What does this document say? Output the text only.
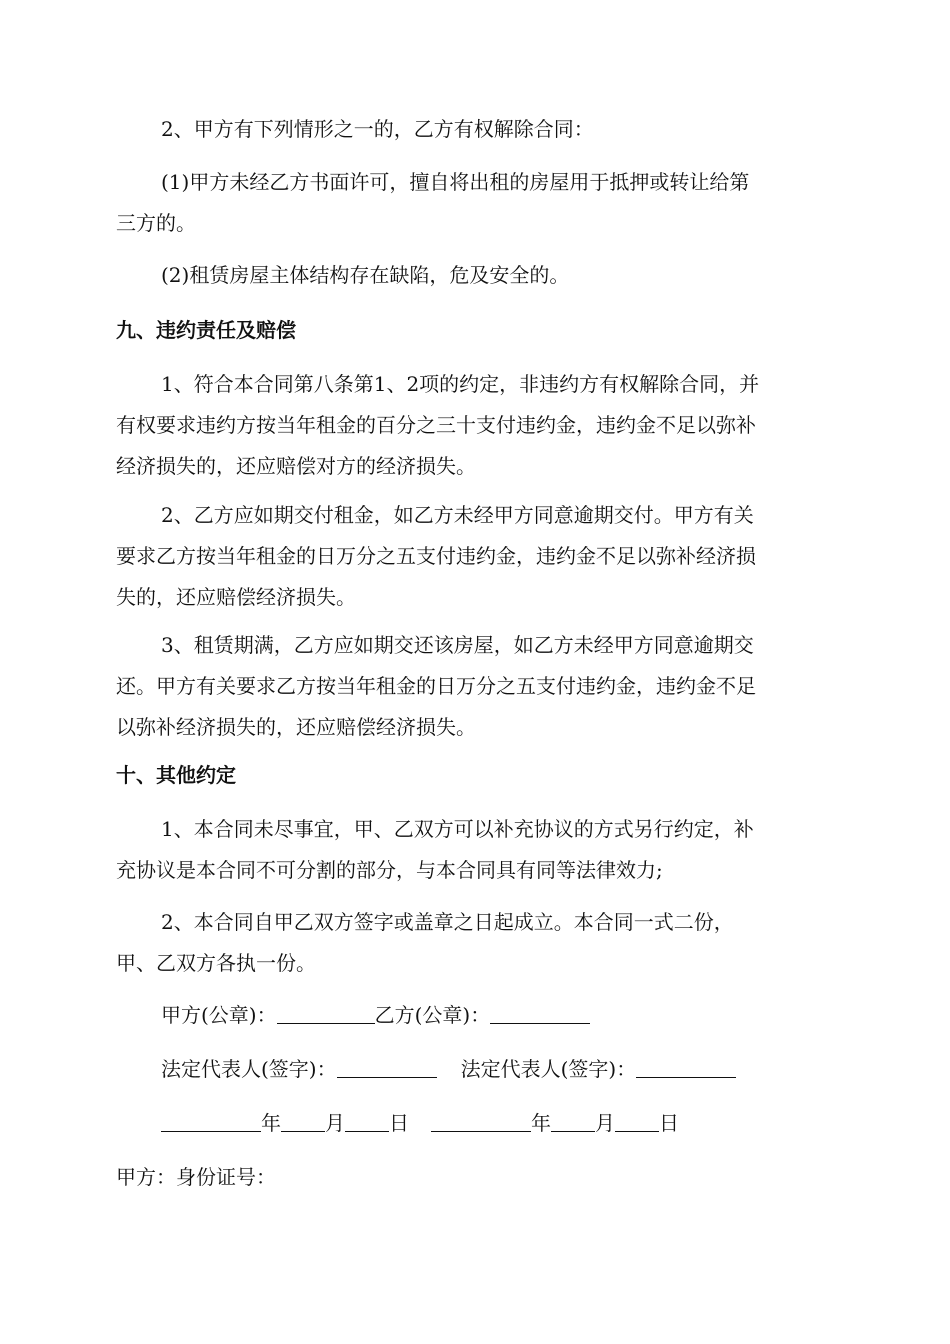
2、甲方有下列情形之一的，乙方有权解除合同：
(1)甲方未经乙方书面许可，擅自将出租的房屋用于抵押或转让给第
三方的。
(2)租赁房屋主体结构存在缺陷，危及安全的。
九、违约责任及赔偿
1、符合本合同第八条第1、2项的约定，非违约方有权解除合同，并
有权要求违约方按当年租金的百分之三十支付违约金，违约金不足以弥补
经济损失的，还应赔偿对方的经济损失。
2、乙方应如期交付租金，如乙方未经甲方同意逾期交付。甲方有关
要求乙方按当年租金的日万分之五支付违约金，违约金不足以弥补经济损
失的，还应赔偿经济损失。
3、租赁期满，乙方应如期交还该房屋，如乙方未经甲方同意逾期交
还。甲方有关要求乙方按当年租金的日万分之五支付违约金，违约金不足
以弥补经济损失的，还应赔偿经济损失。
十、其他约定
1、本合同未尽事宜，甲、乙双方可以补充协议的方式另行约定，补
充协议是本合同不可分割的部分，与本合同具有同等法律效力;
2、本合同自甲乙双方签字或盖章之日起成立。本合同一式二份，
甲、乙双方各执一份。
甲方(公章)：	乙方(公章)：
法定代表人(签字)：	法定代表人(签字)：
年 月 日	年 月 日
甲方：身份证号：
